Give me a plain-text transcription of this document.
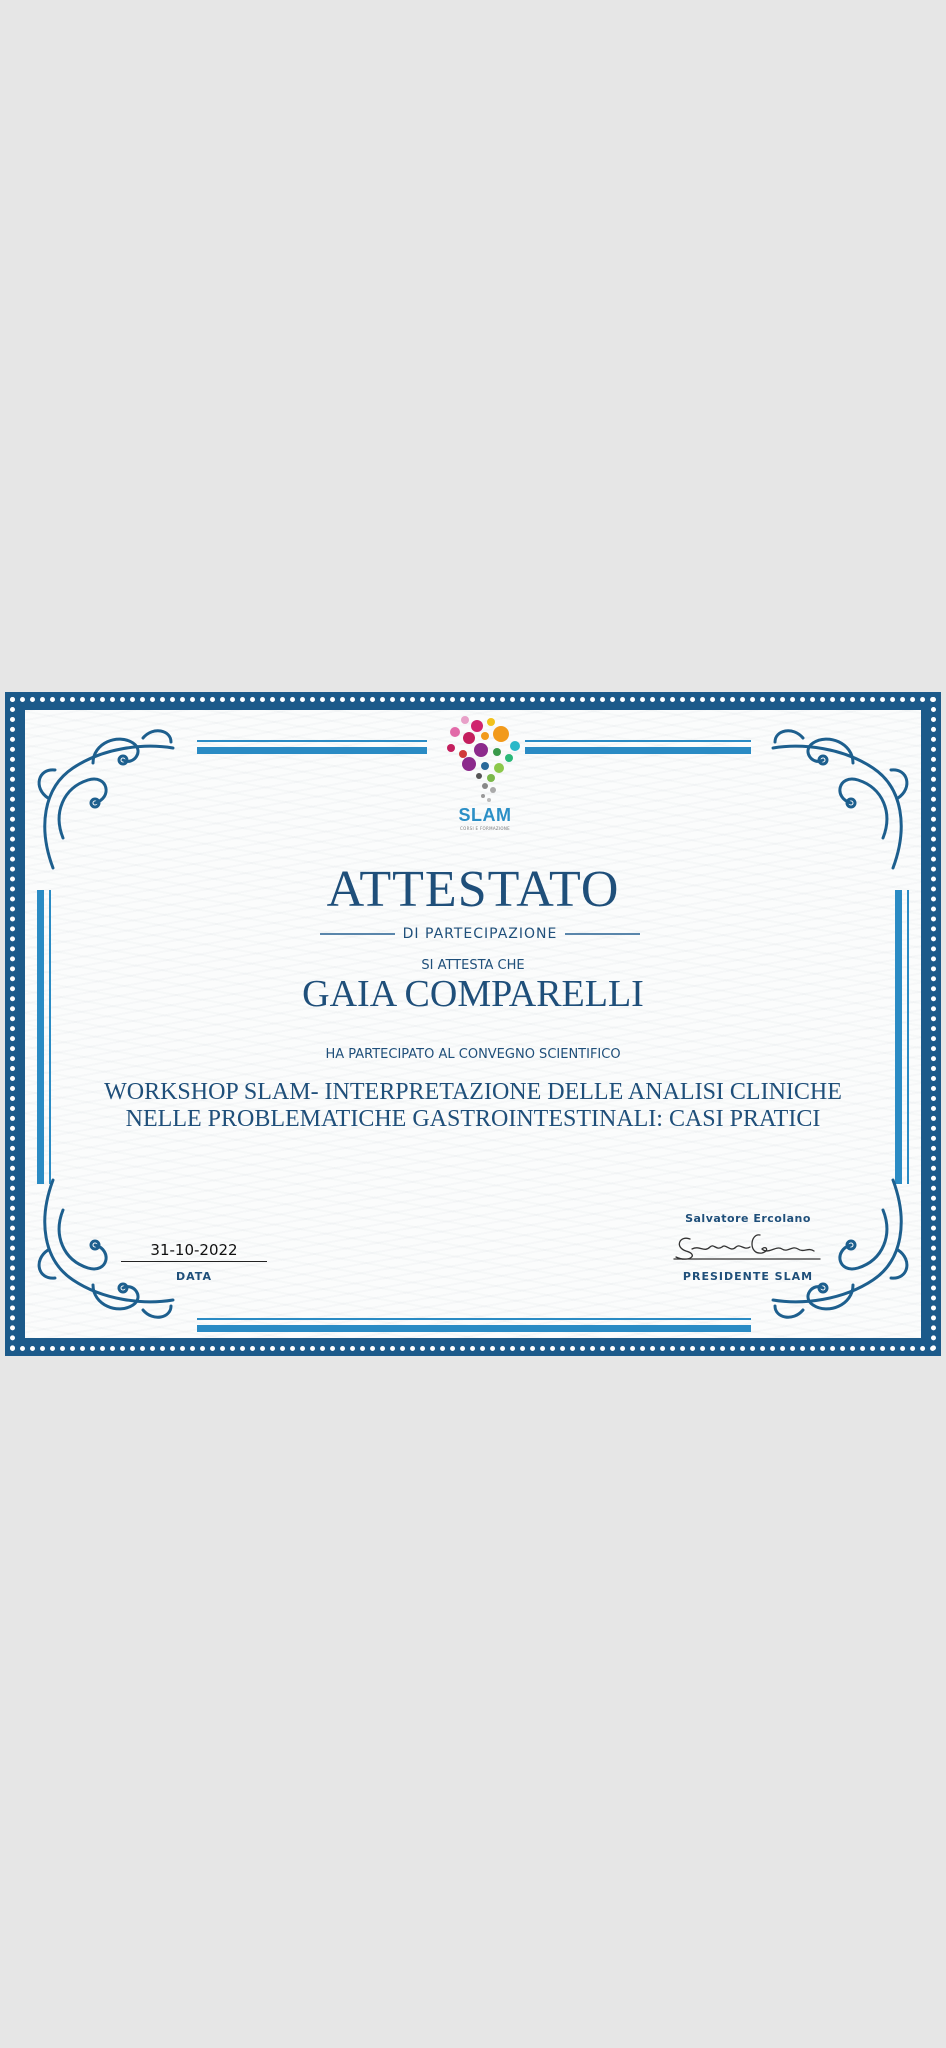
SLAM
CORSI E FORMAZIONE
ATTESTATO
DI PARTECIPAZIONE
SI ATTESTA CHE
GAIA COMPARELLI
HA PARTECIPATO AL CONVEGNO SCIENTIFICO
WORKSHOP SLAM- INTERPRETAZIONE DELLE ANALISI CLINICHE NELLE PROBLEMATICHE GASTROINTESTINALI: CASI PRATICI
31-10-2022
DATA
Salvatore Ercolano
PRESIDENTE SLAM
